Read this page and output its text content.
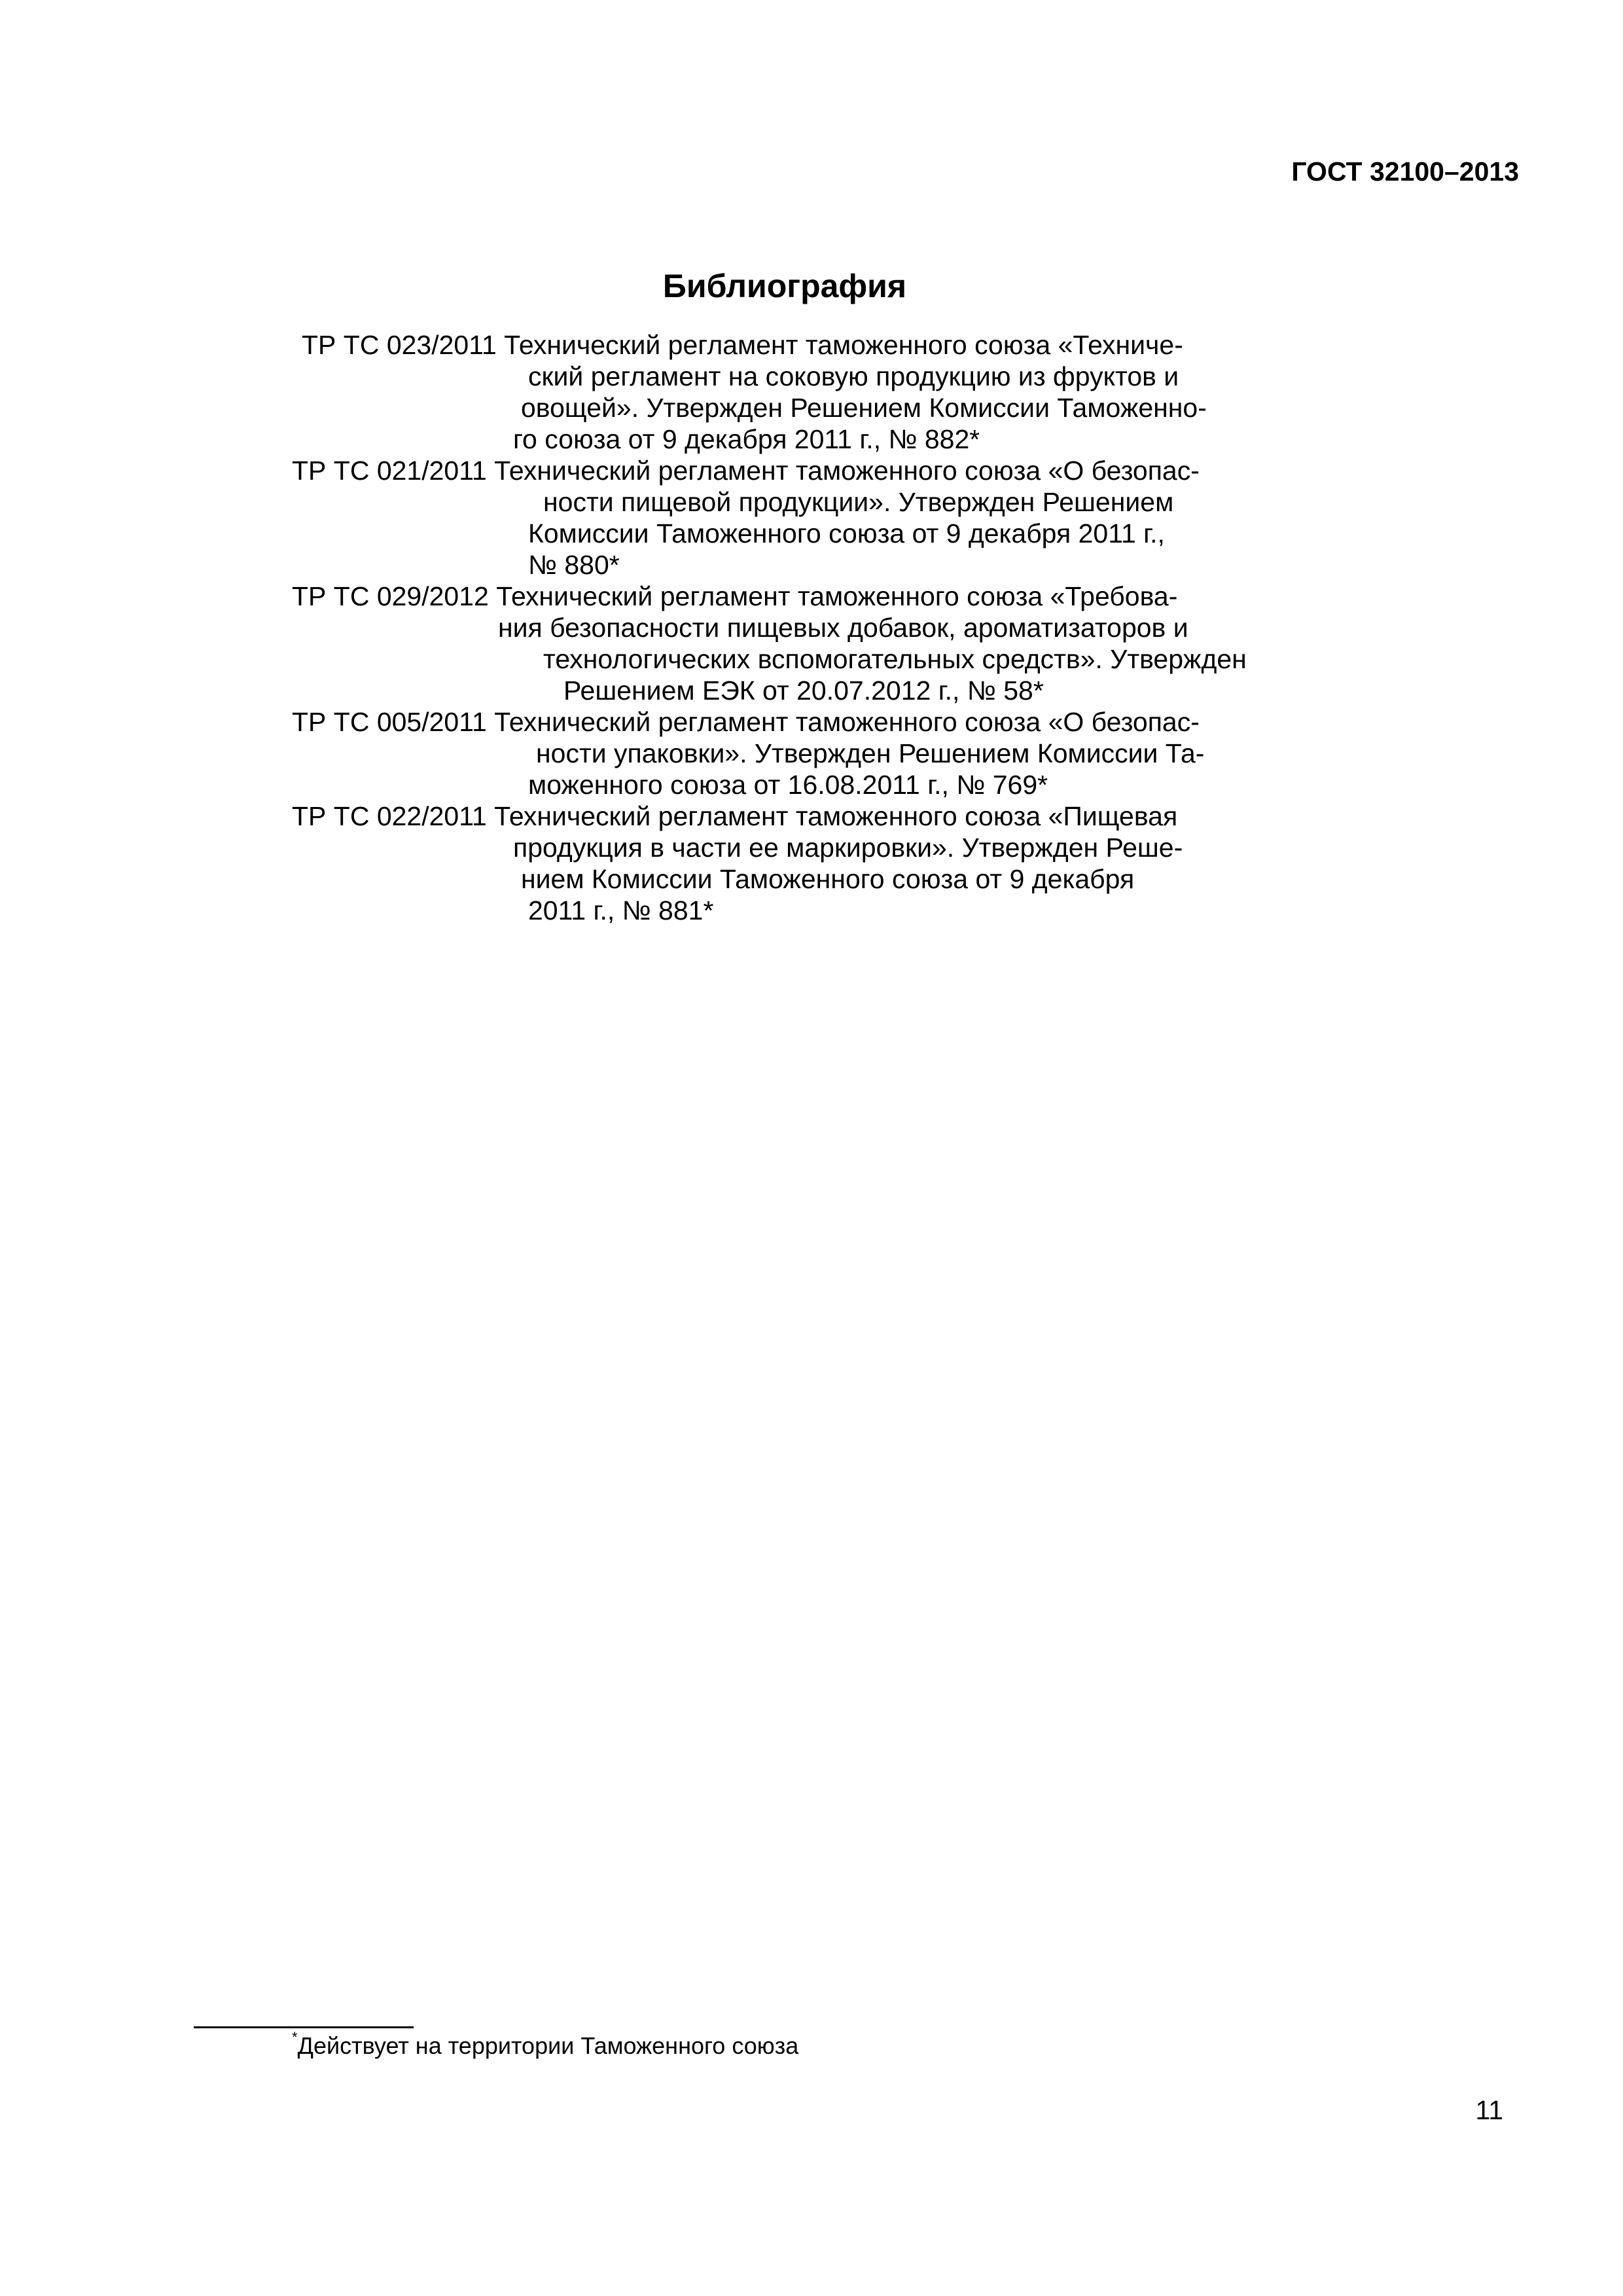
ГОСТ 32100–2013
Библиография
ТР ТС 023/2011 Технический регламент таможенного союза «Техниче-
ский регламент на соковую продукцию из фруктов и
овощей». Утвержден Решением Комиссии Таможенно-
го союза от 9 декабря 2011 г., № 882*
ТР ТС 021/2011 Технический регламент таможенного союза «О безопас-
ности пищевой продукции». Утвержден Решением
Комиссии Таможенного союза от 9 декабря 2011 г.,
№ 880*
ТР ТС 029/2012 Технический регламент таможенного союза «Требова-
ния безопасности пищевых добавок, ароматизаторов и
технологических вспомогательных средств». Утвержден
Решением ЕЭК от 20.07.2012 г., № 58*
ТР ТС 005/2011 Технический регламент таможенного союза «О безопас-
ности упаковки». Утвержден Решением Комиссии Та-
моженного союза от 16.08.2011 г., № 769*
ТР ТС 022/2011 Технический регламент таможенного союза «Пищевая
продукция в части ее маркировки». Утвержден Реше-
нием Комиссии Таможенного союза от 9 декабря
2011 г., № 881*
*Действует на территории Таможенного союза
11
